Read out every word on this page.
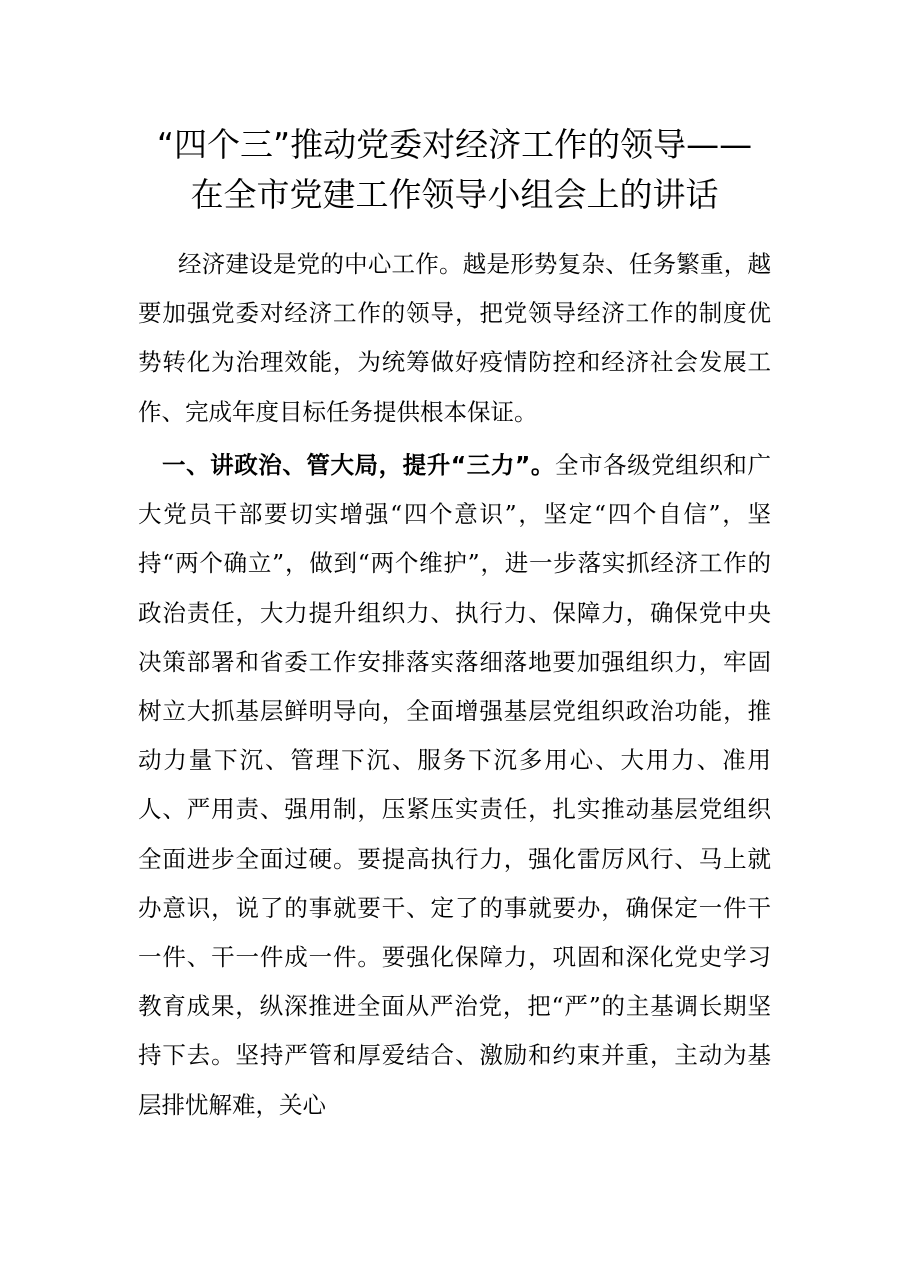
“四个三”推动党委对经济工作的领导——
在全市党建工作领导小组会上的讲话

经济建设是党的中心工作。越是形势复杂、任务繁重，越要加强党委对经济工作的领导，把党领导经济工作的制度优势转化为治理效能，为统筹做好疫情防控和经济社会发展工作、完成年度目标任务提供根本保证。

一、讲政治、管大局，提升“三力”。全市各级党组织和广大党员干部要切实增强“四个意识”，坚定“四个自信”，坚持“两个确立”，做到“两个维护”，进一步落实抓经济工作的政治责任，大力提升组织力、执行力、保障力，确保党中央决策部署和省委工作安排落实落细落地要加强组织力，牢固树立大抓基层鲜明导向，全面增强基层党组织政治功能，推动力量下沉、管理下沉、服务下沉多用心、大用力、准用人、严用责、强用制，压紧压实责任，扎实推动基层党组织全面进步全面过硬。要提高执行力，强化雷厉风行、马上就办意识，说了的事就要干、定了的事就要办，确保定一件干一件、干一件成一件。要强化保障力，巩固和深化党史学习教育成果，纵深推进全面从严治党，把“严”的主基调长期坚持下去。坚持严管和厚爱结合、激励和约束并重，主动为基层排忧解难，关心
